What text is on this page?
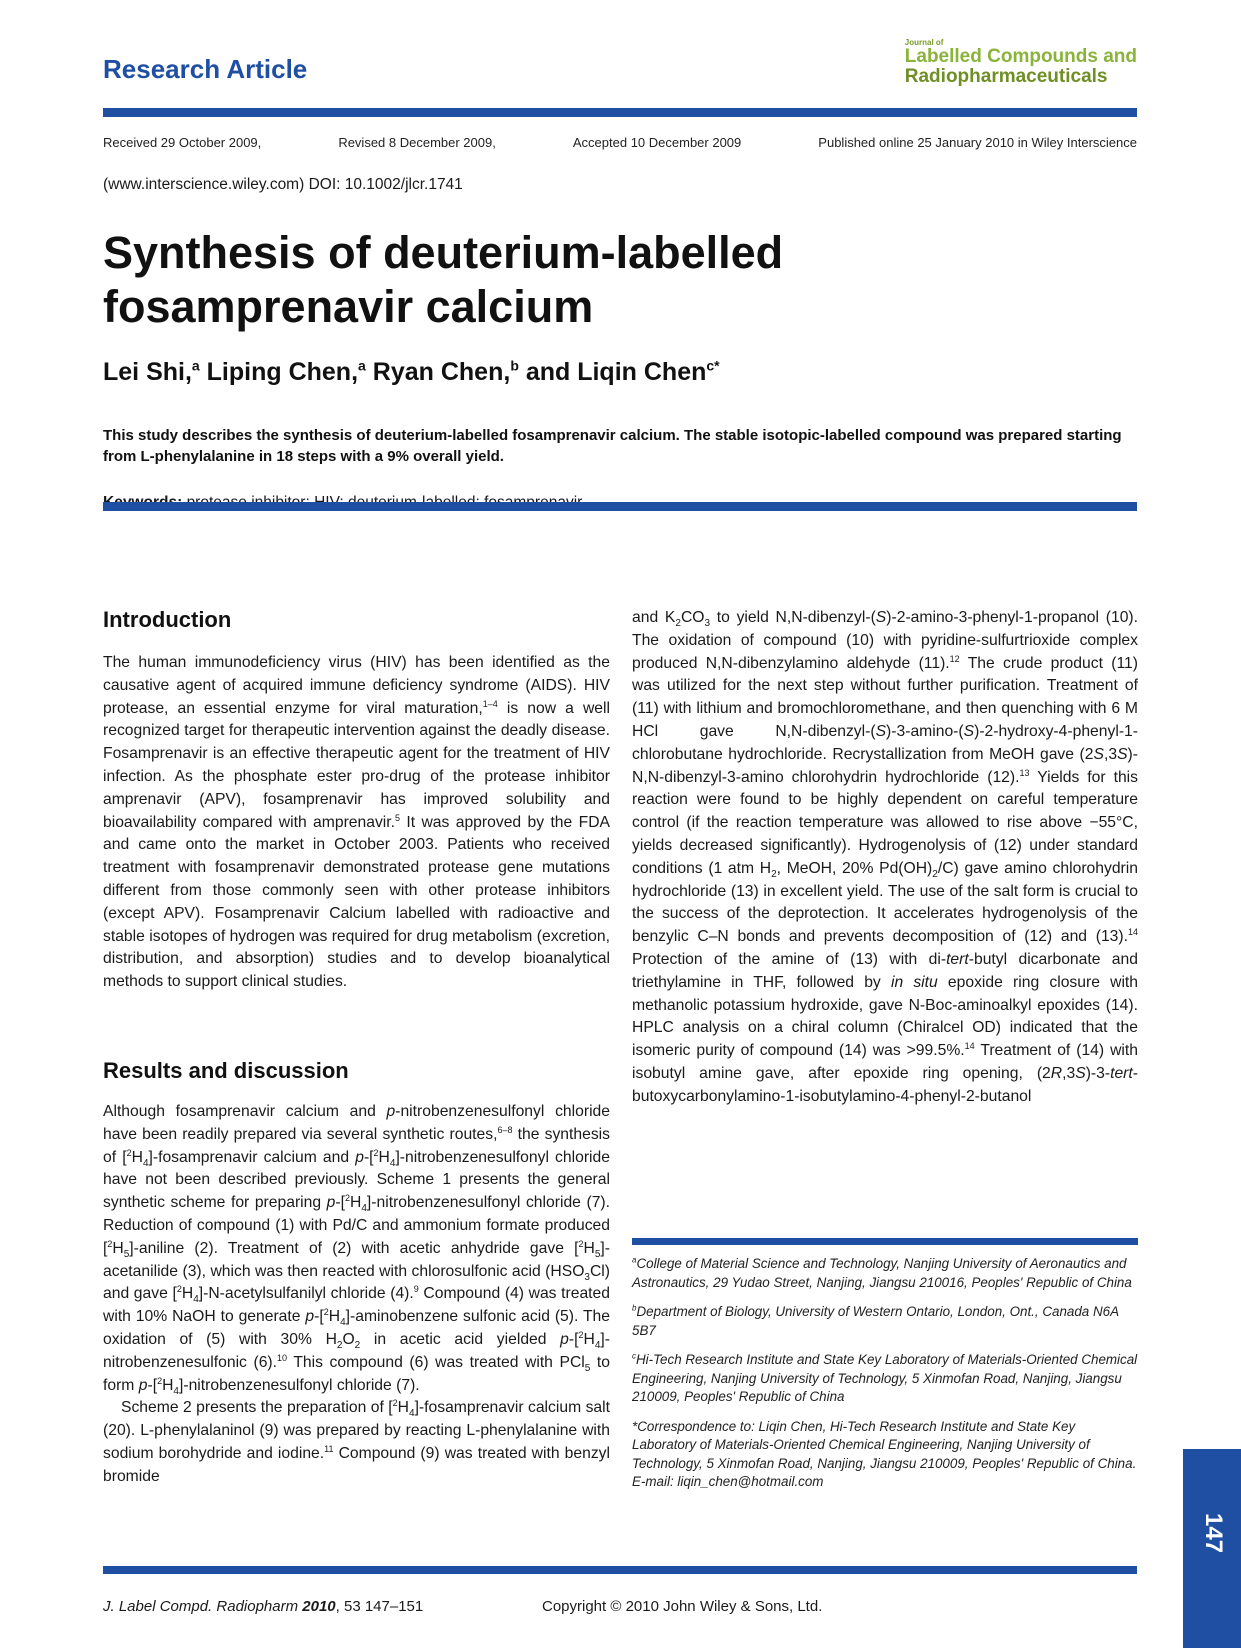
Research Article
Journal of
Labelled Compounds and
Radiopharmaceuticals
Received 29 October 2009,	Revised 8 December 2009,	Accepted 10 December 2009	Published online 25 January 2010 in Wiley Interscience
(www.interscience.wiley.com) DOI: 10.1002/jlcr.1741
Synthesis of deuterium-labelled
fosamprenavir calcium
Lei Shi,$^a$ Liping Chen,$^a$ Ryan Chen,$^b$ and Liqin Chen$^{c*}$
This study describes the synthesis of deuterium-labelled fosamprenavir calcium. The stable isotopic-labelled compound was prepared starting from L-phenylalanine in 18 steps with a 9% overall yield.
Introduction

The human immunodeficiency virus (HIV) has been identified as the causative agent of acquired immune deficiency syndrome (AIDS). HIV protease, an essential enzyme for viral maturation,$^{1-4}$ is now a well recognized target for therapeutic intervention against the deadly disease. Fosamprenavir is an effective therapeutic agent for the treatment of HIV infection. As the phosphate ester pro-drug of the protease inhibitor amprenavir (APV), fosamprenavir has improved solubility and bioavailability compared with amprenavir.$^5$ It was approved by the FDA and came onto the market in October 2003. Patients who received treatment with fosamprenavir demonstrated protease gene mutations different from those commonly seen with other protease inhibitors (except APV). Fosamprenavir Calcium labelled with radioactive and stable isotopes of hydrogen was required for drug metabolism (excretion, distribution, and absorption) studies and to develop bioanalytical methods to support clinical studies.

Results and discussion

Although fosamprenavir calcium and p-nitrobenzenesulfonyl chloride have been readily prepared via several synthetic routes,$^{6-8}$ the synthesis of $[^2H_4]$-fosamprenavir calcium and $p-[^2H_4]$-nitrobenzenesulfonyl chloride have not been described previously. Scheme 1 presents the general synthetic scheme for preparing $p-[^2H_4]$-nitrobenzenesulfonyl chloride (7). Reduction of compound (1) with Pd/C and ammonium formate produced $[^2H_5]$-aniline (2). Treatment of (2) with acetic anhydride gave $[^2H_5]$-acetanilide (3), which was then reacted with chlorosulfonic acid $(HSO_3Cl)$ and gave $[^2H_4]-N$-acetylsulfanilyl chloride (4).$^9$ Compound (4) was treated with 10% NaOH to generate $p-[^2H_4]$-aminobenzene sulfonic acid (5). The oxidation of (5) with 30% $H_2O_2$ in acetic acid yielded $p-[^2H_4]$-nitrobenzenesulfonic (6).$^{10}$ This compound (6) was treated with PCl$_5$ to form $p-[^2H_4]$-nitrobenzenesulfonyl chloride (7).

Scheme 2 presents the preparation of $[^2H_4]$-fosamprenavir calcium salt (20). L-phenylalaninol (9) was prepared by reacting L-phenylalanine with sodium borohydride and iodine.$^{11}$ Compound (9) was treated with benzyl bromide

and $K_2CO_3$ to yield N,N-dibenzyl-(S)-2-amino-3-phenyl-1-propanol (10). The oxidation of compound (10) with pyridine-sulfurtrioxide complex produced N,N-dibenzylamino aldehyde (11).$^{12}$ The crude product (11) was utilized for the next step without further purification. Treatment of (11) with lithium and bromochloromethane, and then quenching with 6 M HCl gave N,N-dibenzyl-(S)-3-amino-(S)-2-hydroxy-4-phenyl-1-chlorobutane hydrochloride. Recrystallization from MeOH gave (2S,3S)-N,N-dibenzyl-3-amino chlorohydrin hydrochloride (12).$^{13}$ Yields for this reaction were found to be highly dependent on careful temperature control (if the reaction temperature was allowed to rise above −55°C, yields decreased significantly). Hydrogenolysis of (12) under standard conditions (1 atm $H_2$, MeOH, 20% $Pd(OH)_2/C$) gave amino chlorohydrin hydrochloride (13) in excellent yield. The use of the salt form is crucial to the success of the deprotection. It accelerates hydrogenolysis of the benzylic C–N bonds and prevents decomposition of (12) and (13).$^{14}$ Protection of the amine of (13) with di-tert-butyl dicarbonate and triethylamine in THF, followed by in situ epoxide ring closure with methanolic potassium hydroxide, gave N-Boc-aminoalkyl epoxides (14). HPLC analysis on a chiral column (Chiralcel OD) indicated that the isomeric purity of compound (14) was >99.5%.$^{14}$ Treatment of (14) with isobutyl amine gave, after epoxide ring opening, (2R,3S)-3-tert-butoxycarbonylamino-1-isobutylamino-4-phenyl-2-butanol

$^a$College of Material Science and Technology, Nanjing University of Aeronautics and Astronautics, 29 Yudao Street, Nanjing, Jiangsu 210016, Peoples' Republic of China
$^b$Department of Biology, University of Western Ontario, London, Ont., Canada N6A 5B7
$^c$Hi-Tech Research Institute and State Key Laboratory of Materials-Oriented Chemical Engineering, Nanjing University of Technology, 5 Xinmofan Road, Nanjing, Jiangsu 210009, Peoples' Republic of China
*Correspondence to: Liqin Chen, Hi-Tech Research Institute and State Key Laboratory of Materials-Oriented Chemical Engineering, Nanjing University of Technology, 5 Xinmofan Road, Nanjing, Jiangsu 210009, Peoples' Republic of China.
E-mail: liqin_chen@hotmail.com
J. Label Compd. Radiopharm 2010, 53 147–151	Copyright © 2010 John Wiley & Sons, Ltd.
147
